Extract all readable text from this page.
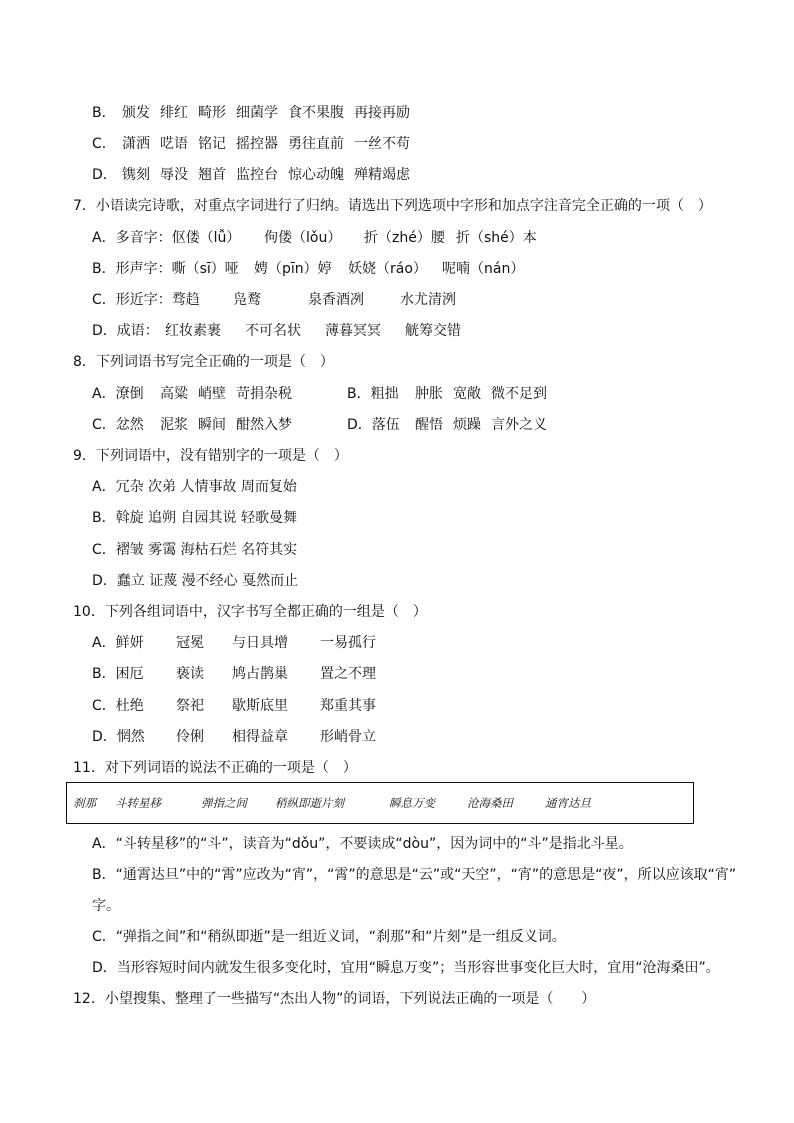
B． 颁发 绯红 畸形 细菌学 食不果腹 再接再励
C． 潇洒 呓语 铭记 摇控器 勇往直前 一丝不苟
D． 镌刻 辱没 翘首 监控台 惊心动魄 殚精竭虑
7．小语读完诗歌，对重点字词进行了归纳。请选出下列选项中字形和加点字注音完全正确的一项（　）
A．多音字：伛偻（lǚ）	佝偻（lǒu）	折（zhé）腰 折（shé）本
B．形声字：嘶（sī）哑	娉（pīn）婷	妖娆（ráo）	呢喃（nán）
C．形近字：骛趋	凫鹜	泉香酒冽	水尤清洌
D．成语： 红妆素裹	不可名状	薄暮冥冥	觥筹交错
8．下列词语书写完全正确的一项是（　）
A．潦倒	高粱 峭壁 苛捐杂税	B．粗拙	肿胀 宽敞 微不足到
C．忿然	泥浆 瞬间 酣然入梦	D．落伍	醒悟 烦躁 言外之义
9．下列词语中，没有错别字的一项是（　）
A．冗杂 次弟 人情事故 周而复始
B．斡旋 追朔 自园其说 轻歌曼舞
C．褶皱 雾霭 海枯石烂 名符其实
D．蠢立 证蔑 漫不经心 戛然而止
10．下列各组词语中，汉字书写全都正确的一组是（　）
A．鲜妍	冠冕	与日具增	一易孤行
B．困厄	亵读	鸠占鹊巢	置之不理
C．杜绝	祭祀	歇斯底里	郑重其事
D．惘然	伶俐	相得益章	形峭骨立
11．对下列词语的说法不正确的一项是（　）
刹那	斗转星移	弹指之间	稍纵即逝片刻	瞬息万变	沧海桑田	通宵达旦
A．“斗转星移”的“斗”，读音为“dǒu”，不要读成“dòu”，因为词中的“斗”是指北斗星。
B．“通霄达旦”中的“霄”应改为“宵”，“霄”的意思是“云”或“天空”，“宵”的意思是“夜”，所以应该取“宵”
字。
C．“弹指之间”和“稍纵即逝”是一组近义词，“刹那”和“片刻”是一组反义词。
D．当形容短时间内就发生很多变化时，宜用“瞬息万变”；当形容世事变化巨大时，宜用“沧海桑田”。
12．小望搜集、整理了一些描写“杰出人物”的词语，下列说法正确的一项是（　　）
